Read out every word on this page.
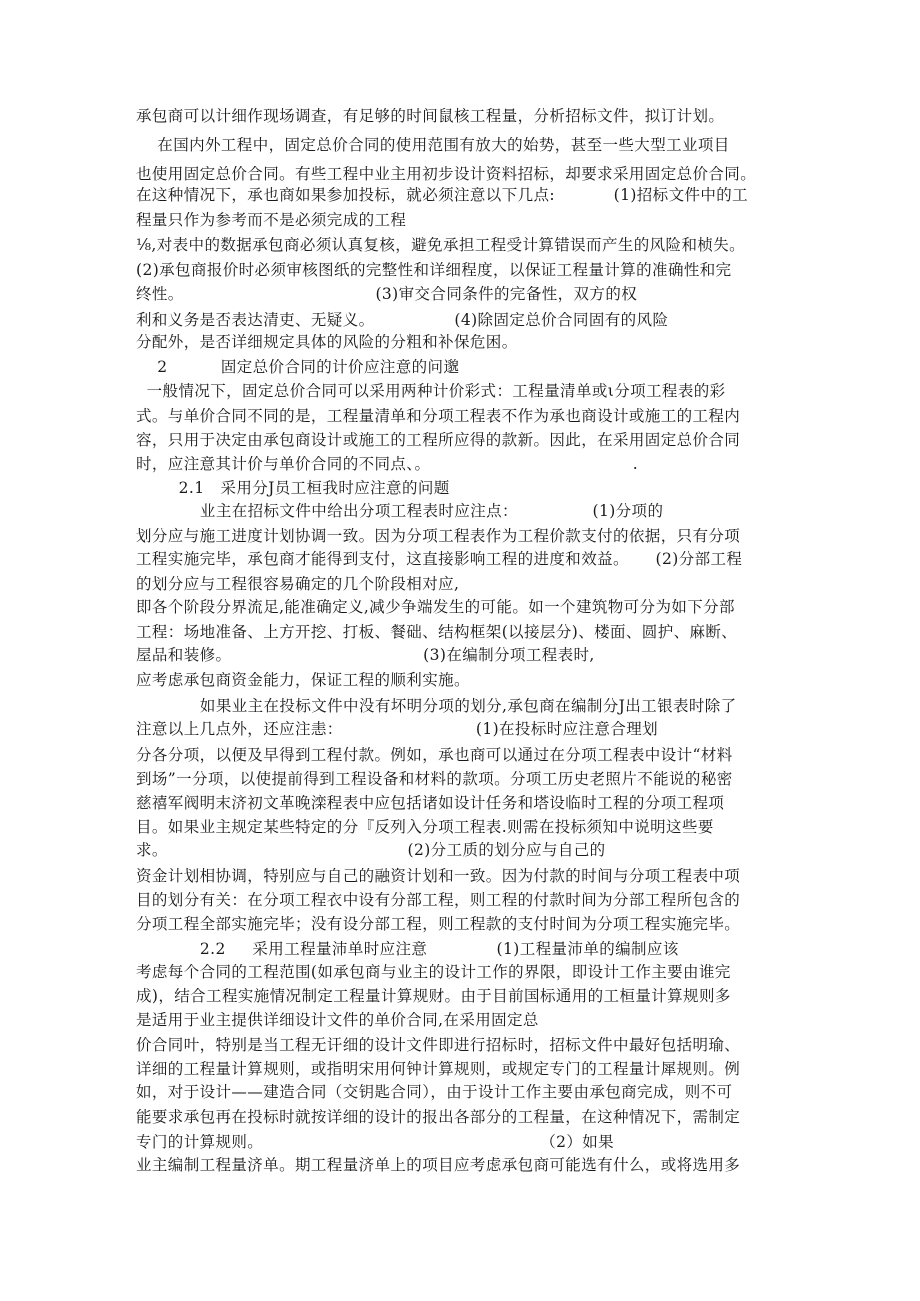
承包商可以计细作现场调查，有足够的时间鼠核工程量，分析招标文件，拟订计划。
在国内外工程中，固定总价合同的使用范围有放大的始势，甚至一些大型工业项目
也使用固定总价合同。有些工程中业主用初步设计资料招标，却要求采用固定总价合同。
在这种情况下，承也商如果参加投标，就必须注意以下几点:           (1)招标文件中的工
程量只作为参考而不是必须完成的工程
⅛,对表中的数据承包商必须认真复核，避免承担工程受计算错误而产生的风险和桢失。
(2)承包商报价时必须审核图纸的完整性和详细程度，以保证工程量计算的准确性和完
终性。                                    (3)审交合同条件的完备性，双方的权
利和义务是否表达清吏、无疑义。               (4)除固定总价合同固有的风险
分配外，是否详细规定具体的风险的分粗和补保危困。
2          固定总价合同的计价应注意的问邈
一般情况下，固定总价合同可以采用两种计价彩式：工程量清单或ι分项工程表的彩
式。与单价合同不同的是，工程量清单和分项工程表不作为承也商设计或施工的工程内
容，只用于决定由承包商设计或施工的工程所应得的款新。因此，在采用固定总价合同
时，应注意其计价与单价合同的不同点、。                                      .
2.1   采用分J员工桓我时应注意的问题
业主在招标文件中给出分项工程表时应注点：              (1)分项的
划分应与施工进度计划协调一致。因为分项工程表作为工程价款支付的依据，只有分项
工程实施完毕，承包商才能得到支付，这直接影响工程的进度和效益。     (2)分部工程
的划分应与工程很容易确定的几个阶段相对应,
即各个阶段分界流足,能准确定义,减少争端发生的可能。如一个建筑物可分为如下分部
工程：场地准备、上方开挖、打板、餐础、结构框架(以接层分)、楼面、圆护、麻断、
屋品和装修。                                    (3)在编制分项工程表时,
应考虑承包商资金能力，保证工程的顺利实施。
如果业主在投标文件中没有坏明分项的划分,承包商在编制分J出工银表时除了
注意以上几点外，还应注恚：                         (1)在投标时应注意合理划
分各分项，以便及早得到工程付款。例如，承也商可以通过在分项工程表中设计“材料
到场”一分项，以使提前得到工程设备和材料的款项。分项工历史老照片不能说的秘密
慈禧军阀明末济初文革晚滦程表中应包括诸如设计任务和塔设临时工程的分项工程项
目。如果业主规定某些特定的分『反列入分项工程表.则需在投标须知中说明这些要
求。                                             (2)分工质的划分应与自己的
资金计划相协调，特别应与自己的融资计划和一致。因为付款的时间与分项工程表中项
目的划分有关：在分项工程衣中设有分部工程，则工程的付款时间为分部工程所包含的
分项工程全部实施完毕；没有设分部工程，则工程款的支付时间为分项工程实施完毕。
2.2     采用工程量沛单时应注意             (1)工程量沛单的编制应该
考虑每个合同的工程范围(如承包商与业主的设计工作的界限，即设计工作主要由谁完
成)，结合工程实施情况制定工程量计算规财。由于目前国标通用的工桓量计算规则多
是适用于业主提供详细设计文件的单价合同,在采用固定总
价合同叶，特别是当工程无讦细的设计文件即进行招标时，招标文件中最好包括明瑜、
详细的工程量计算规则，或指明宋用何钟计算规则，或规定专门的工程量计犀规则。例
如，对于设计——建造合同（交钥匙合同），由于设计工作主要由承包商完成，则不可
能要求承包再在投标时就按详细的设计的报出各部分的工程量，在这种情况下，需制定
专门的计算规则。                                                    （2）如果
业主编制工程量济单。期工程量济单上的项目应考虑承包商可能选有什么，或将选用多
